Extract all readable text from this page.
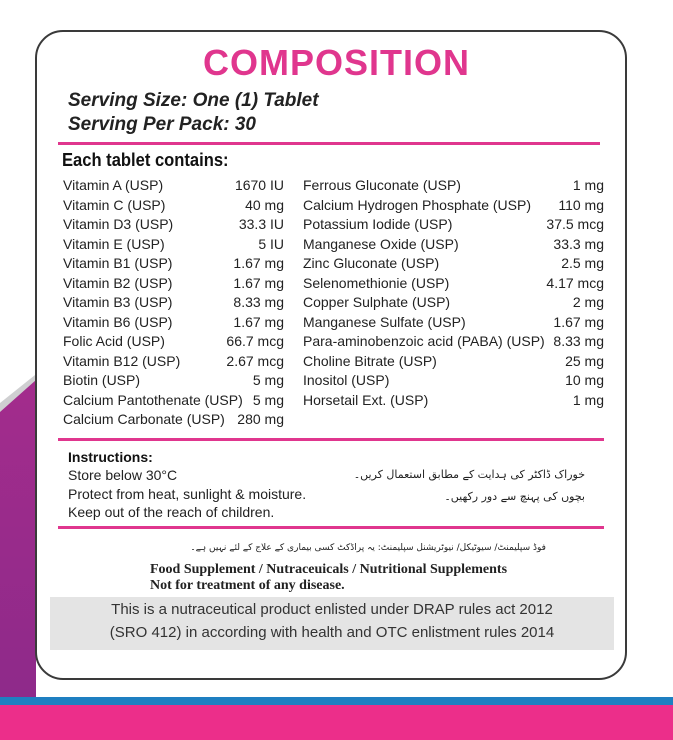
COMPOSITION
Serving Size: One (1) Tablet
Serving Per Pack: 30
Each tablet contains:
Vitamin A (USP)	1670 IU
Vitamin C (USP)	40 mg
Vitamin D3 (USP)	33.3 IU
Vitamin E (USP)	5 IU
Vitamin B1 (USP)	1.67 mg
Vitamin B2 (USP)	1.67 mg
Vitamin B3 (USP)	8.33 mg
Vitamin B6 (USP)	1.67 mg
Folic Acid (USP)	66.7 mcg
Vitamin B12 (USP)	2.67 mcg
Biotin (USP)	5 mg
Calcium Pantothenate (USP) 5 mg
Calcium Carbonate (USP) 280 mg
Ferrous Gluconate (USP)	1 mg
Calcium Hydrogen Phosphate (USP) 110 mg
Potassium Iodide (USP)	37.5 mcg
Manganese Oxide (USP)	33.3 mg
Zinc Gluconate (USP)	2.5 mg
Selenomethionie (USP)	4.17 mcg
Copper Sulphate (USP)	2 mg
Manganese Sulfate (USP)	1.67 mg
Para-aminobenzoic acid (PABA) (USP) 8.33 mg
Choline Bitrate (USP)	25 mg
Inositol (USP)	10 mg
Horsetail Ext. (USP)	1 mg
Instructions:
Store below 30°C
Protect from heat, sunlight & moisture.
Keep out of the reach of children.
خوراک ڈاکٹر کی ہدایت کے مطابق استعمال کریں۔
بچوں کی پہنچ سے دور رکھیں۔
فوڈ سپلیمنٹ/ سیوٹیکل/ نیوٹریشنل سپلیمنٹ: یہ پراڈکٹ کسی بیماری کے علاج کے لئے نہیں ہے۔
Food Supplement / Nutraceuicals / Nutritional Supplements
Not for treatment of any disease.
This is a nutraceutical product enlisted under DRAP rules act 2012
(SRO 412) in according with health and OTC enlistment rules 2014
